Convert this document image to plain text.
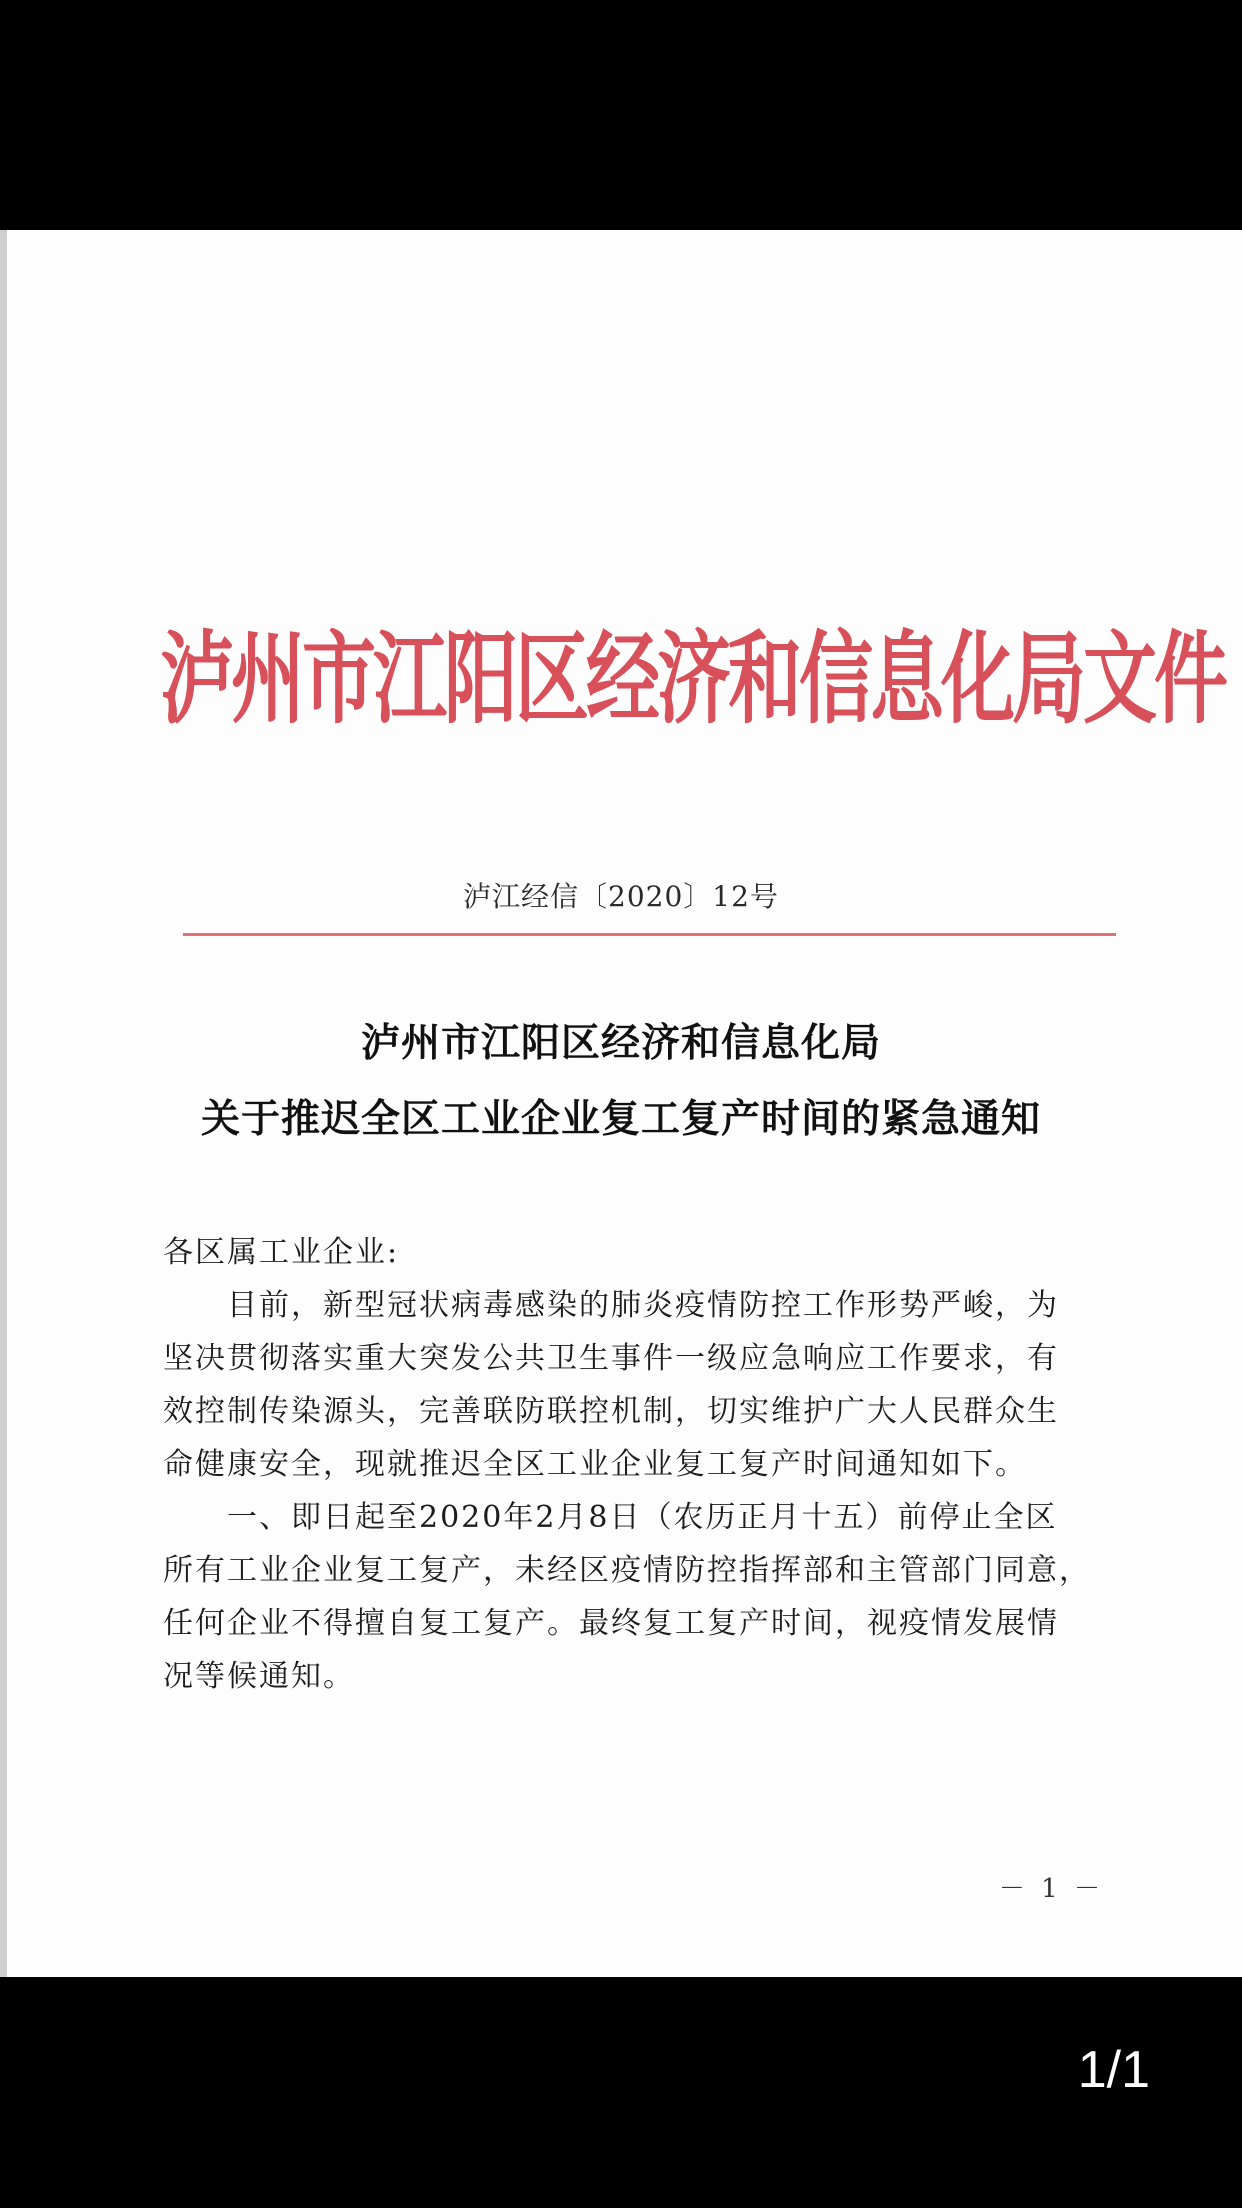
泸州市江阳区经济和信息化局文件
泸江经信〔2020〕12号
泸州市江阳区经济和信息化局
关于推迟全区工业企业复工复产时间的紧急通知
各区属工业企业:
　　目前，新型冠状病毒感染的肺炎疫情防控工作形势严峻，为
坚决贯彻落实重大突发公共卫生事件一级应急响应工作要求，有
效控制传染源头，完善联防联控机制，切实维护广大人民群众生
命健康安全，现就推迟全区工业企业复工复产时间通知如下。
　　一、即日起至2020年2月8日（农历正月十五）前停止全区
所有工业企业复工复产，未经区疫情防控指挥部和主管部门同意，
任何企业不得擅自复工复产。最终复工复产时间，视疫情发展情
况等候通知。
－ 1 －
1/1
